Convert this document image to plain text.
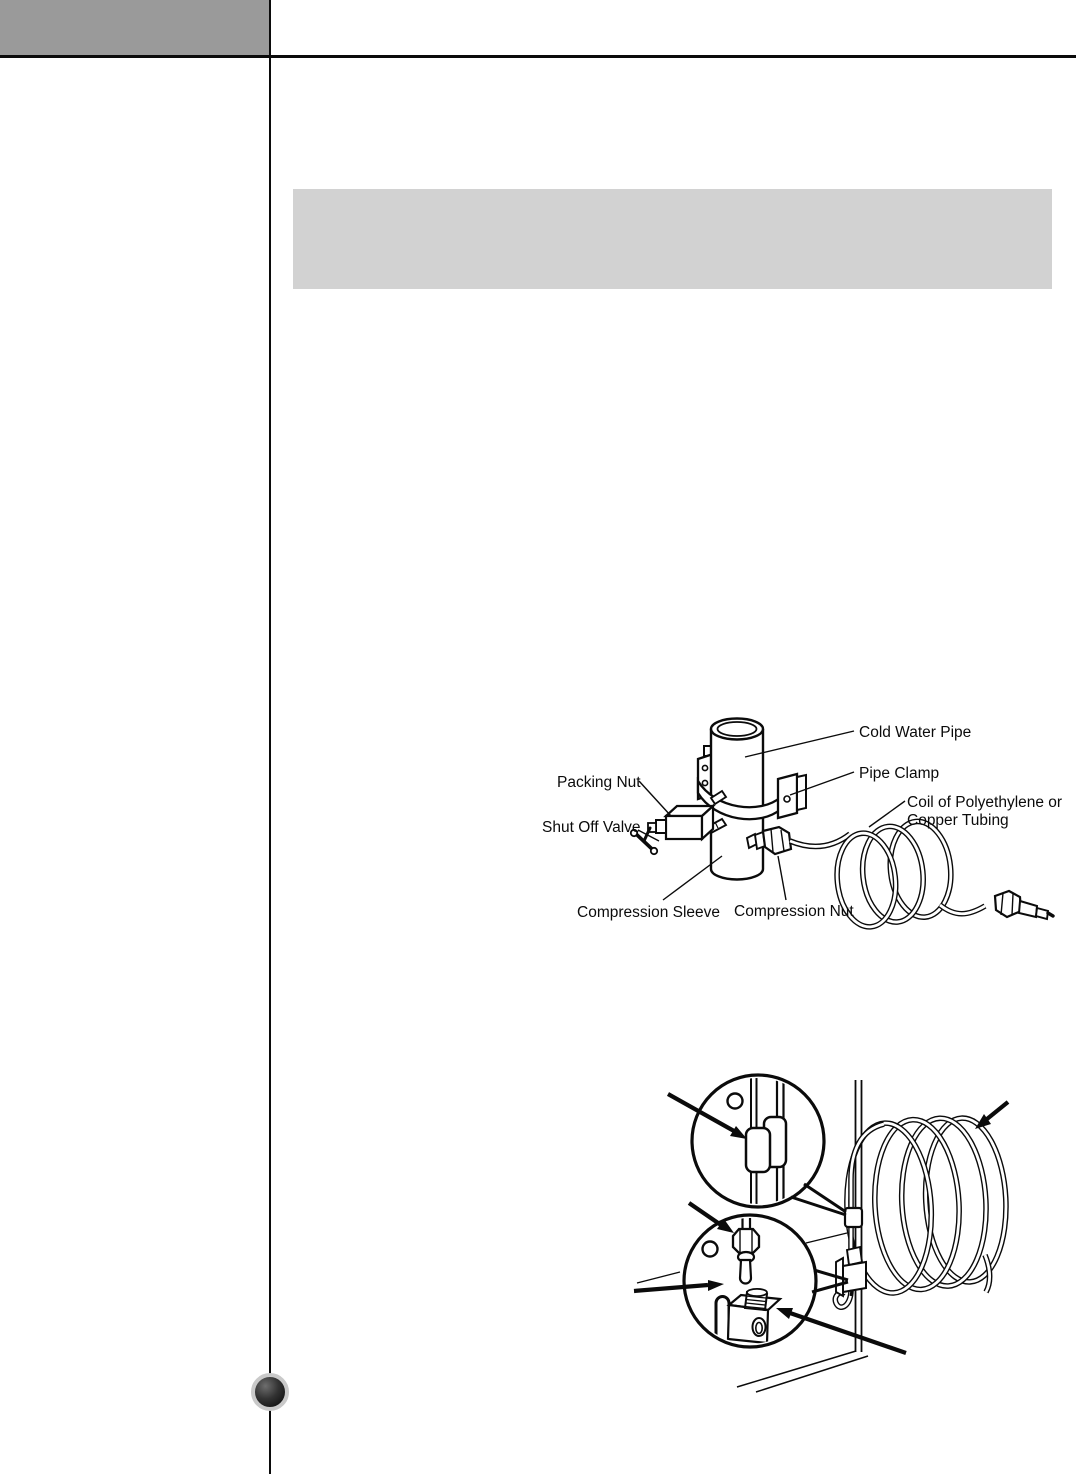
Packing Nut
Shut Off Valve
Compression Sleeve Compression Nut
Cold Water Pipe
Pipe Clamp
Coil of Polyethylene or
Copper Tubing
